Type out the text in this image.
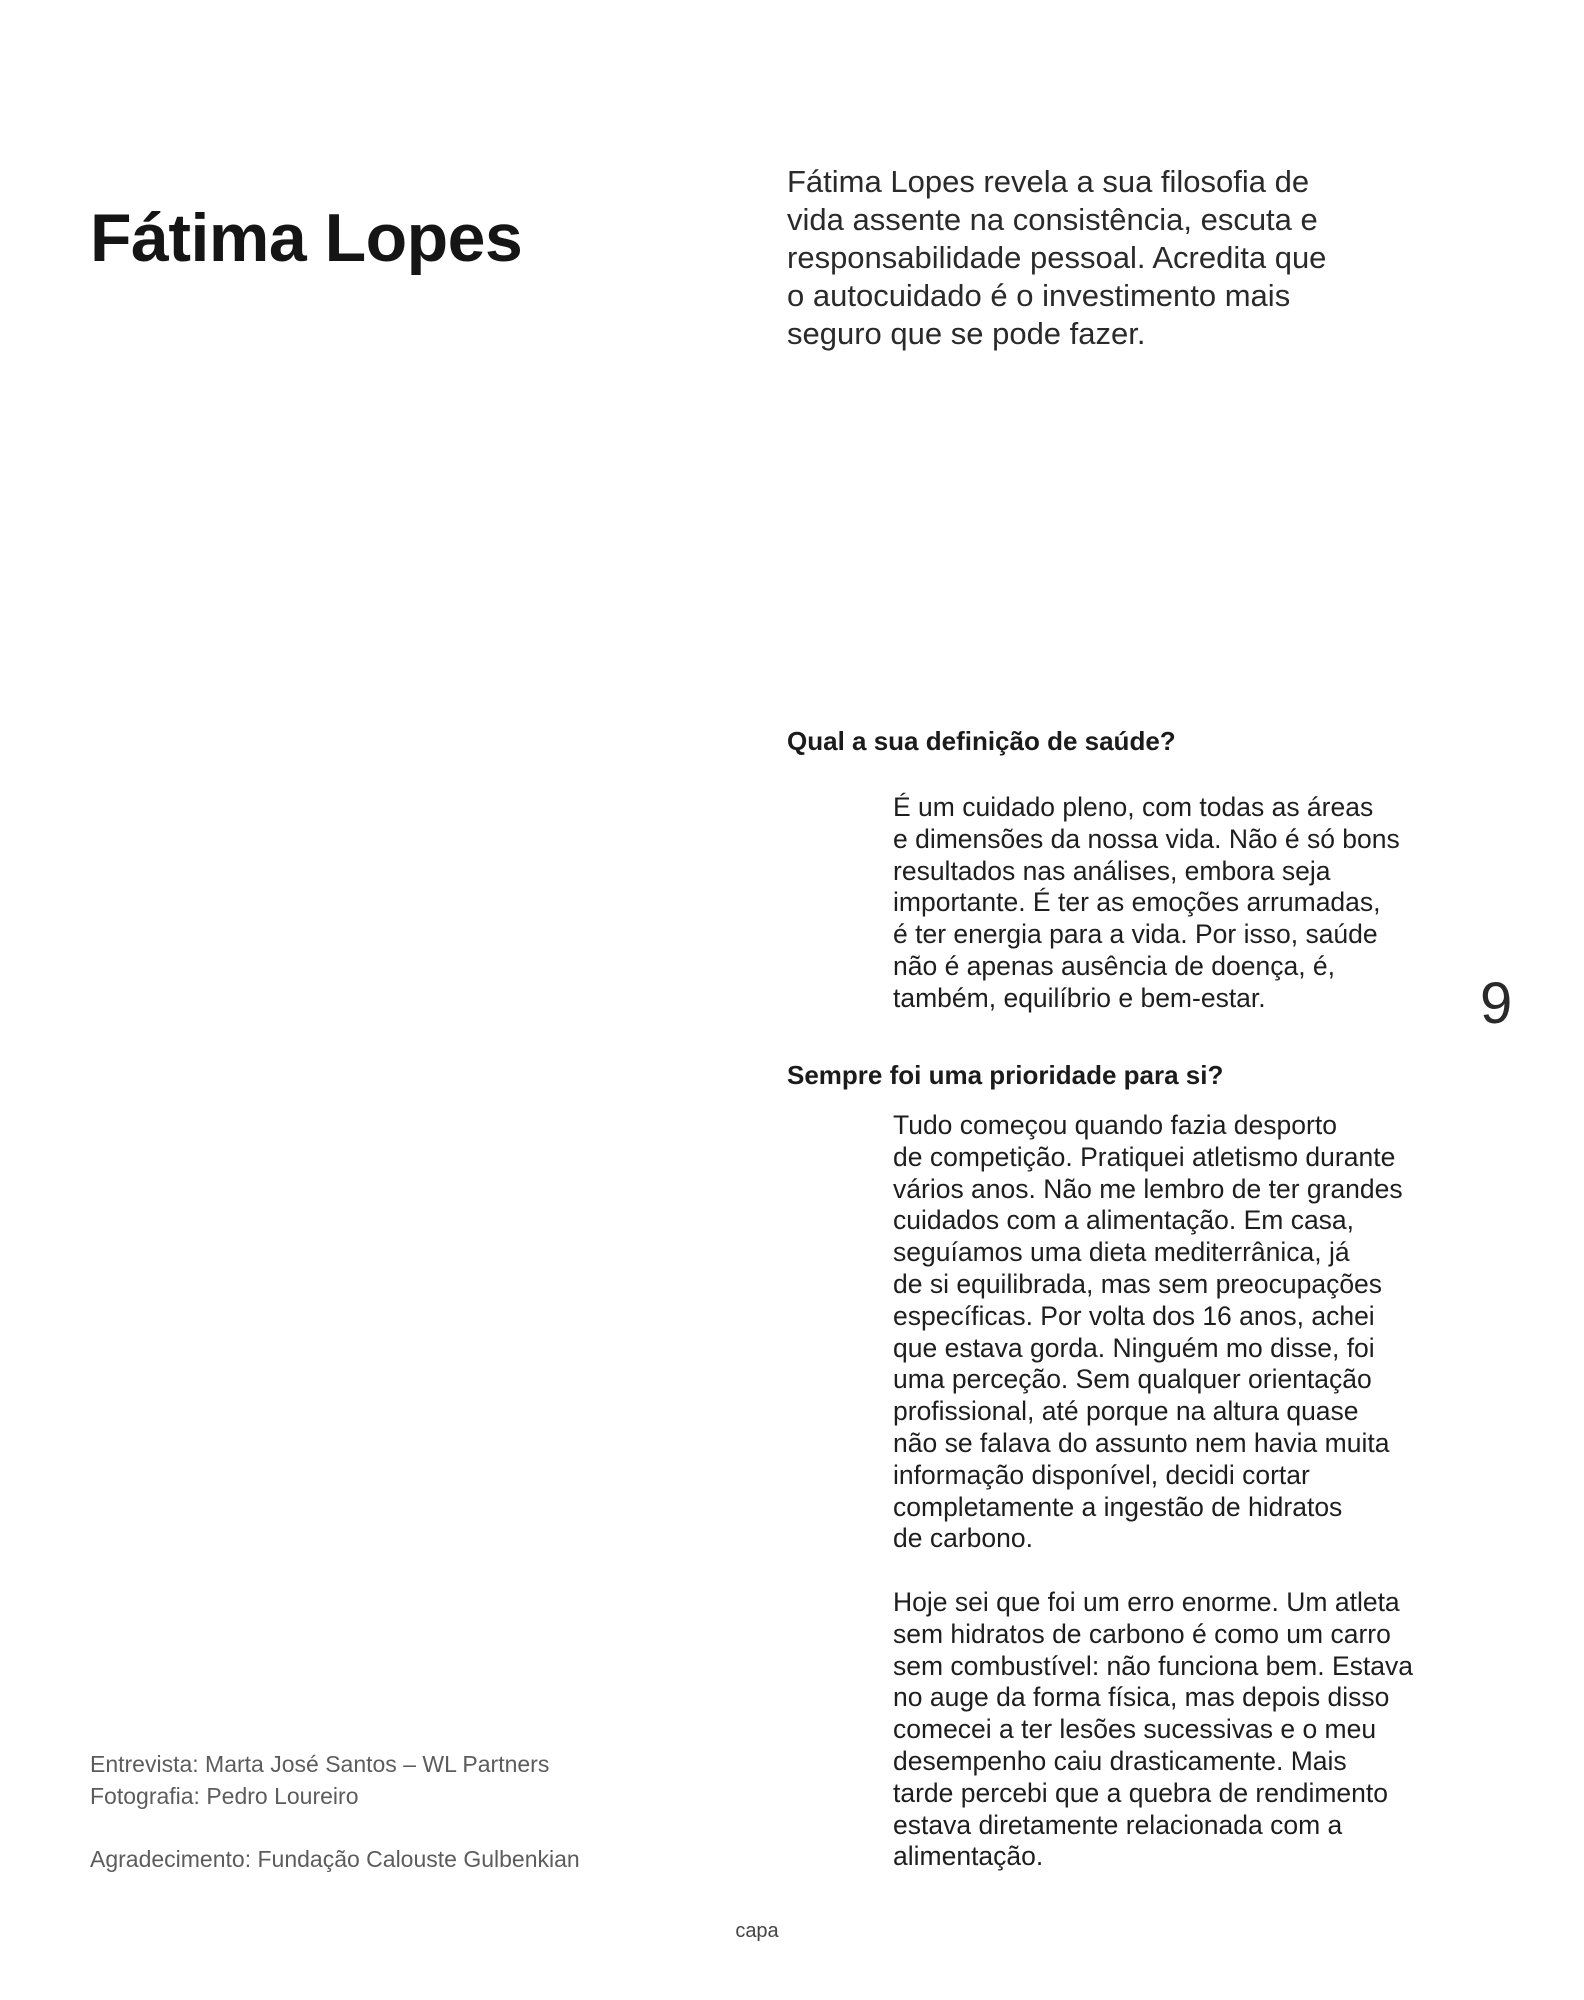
Fátima Lopes
Fátima Lopes revela a sua filosofia de
vida assente na consistência, escuta e
responsabilidade pessoal. Acredita que
o autocuidado é o investimento mais
seguro que se pode fazer.
Qual a sua definição de saúde?
É um cuidado pleno, com todas as áreas
e dimensões da nossa vida. Não é só bons
resultados nas análises, embora seja
importante. É ter as emoções arrumadas,
é ter energia para a vida. Por isso, saúde
não é apenas ausência de doença, é,
também, equilíbrio e bem-estar.	9
Sempre foi uma prioridade para si?
Tudo começou quando fazia desporto
de competição. Pratiquei atletismo durante
vários anos. Não me lembro de ter grandes
cuidados com a alimentação. Em casa,
seguíamos uma dieta mediterrânica, já
de si equilibrada, mas sem preocupações
específicas. Por volta dos 16 anos, achei
que estava gorda. Ninguém mo disse, foi
uma perceção. Sem qualquer orientação
profissional, até porque na altura quase
não se falava do assunto nem havia muita
informação disponível, decidi cortar
completamente a ingestão de hidratos
de carbono.
Hoje sei que foi um erro enorme. Um atleta
sem hidratos de carbono é como um carro
sem combustível: não funciona bem. Estava
no auge da forma física, mas depois disso
comecei a ter lesões sucessivas e o meu
desempenho caiu drasticamente. Mais
tarde percebi que a quebra de rendimento
estava diretamente relacionada com a
alimentação.
Entrevista: Marta José Santos – WL Partners
Fotografia: Pedro Loureiro
Agradecimento: Fundação Calouste Gulbenkian
capa
